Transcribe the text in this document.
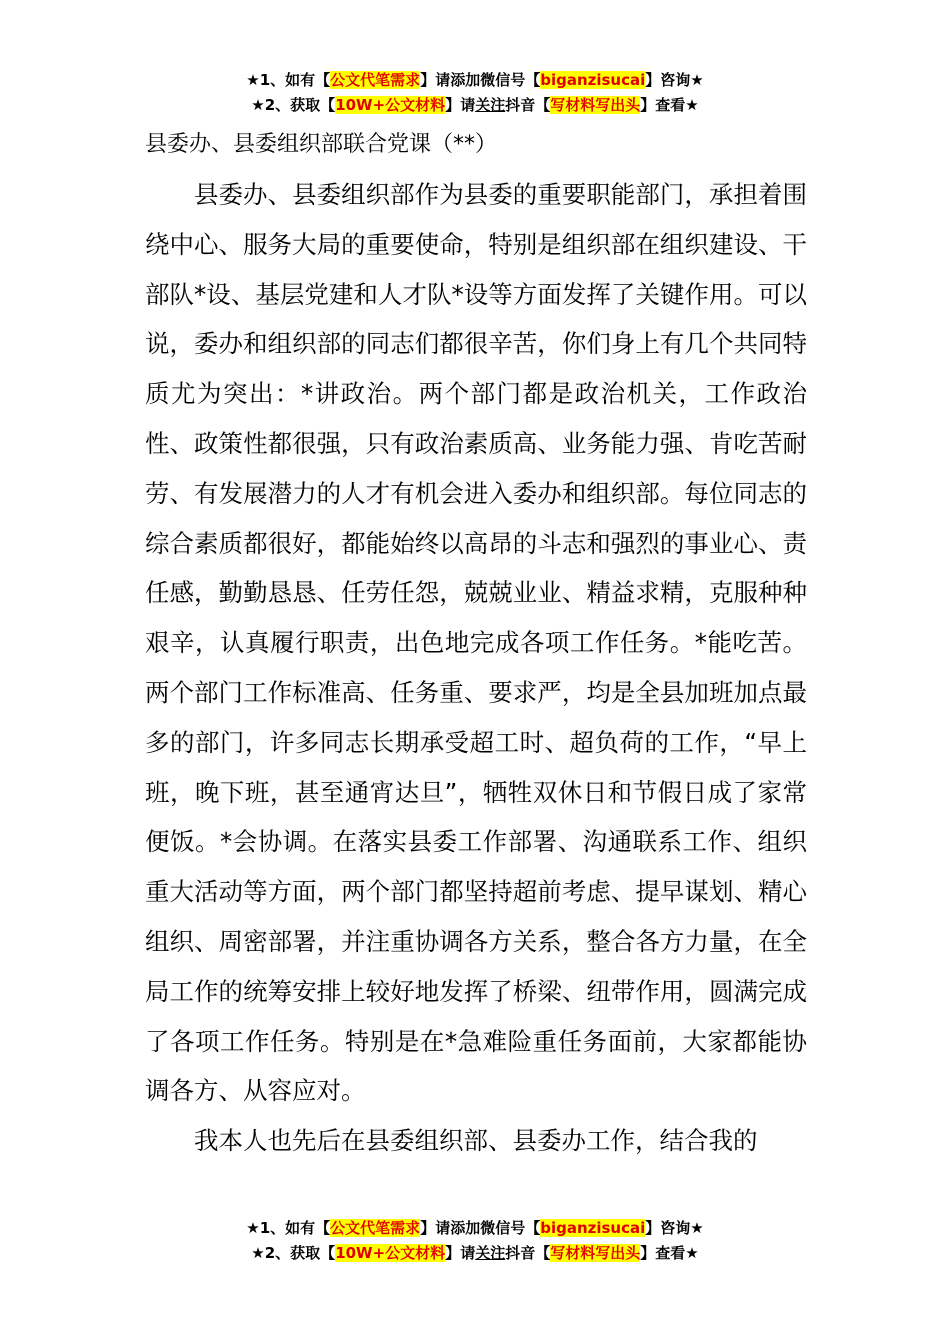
★1、如有【公文代笔需求】请添加微信号【biganzisucai】咨询★
★2、获取【10W+公文材料】请关注抖音【写材料写出头】查看★
县委办、县委组织部联合党课（**）

县委办、县委组织部作为县委的重要职能部门，承担着围绕中心、服务大局的重要使命，特别是组织部在组织建设、干部队*设、基层党建和人才队*设等方面发挥了关键作用。可以说，委办和组织部的同志们都很辛苦，你们身上有几个共同特质尤为突出：*讲政治。两个部门都是政治机关，工作政治性、政策性都很强，只有政治素质高、业务能力强、肯吃苦耐劳、有发展潜力的人才有机会进入委办和组织部。每位同志的综合素质都很好，都能始终以高昂的斗志和强烈的事业心、责任感，勤勤恳恳、任劳任怨，兢兢业业、精益求精，克服种种艰辛，认真履行职责，出色地完成各项工作任务。*能吃苦。两个部门工作标准高、任务重、要求严，均是全县加班加点最多的部门，许多同志长期承受超工时、超负荷的工作，“早上班，晚下班，甚至通宵达旦”，牺牲双休日和节假日成了家常便饭。*会协调。在落实县委工作部署、沟通联系工作、组织重大活动等方面，两个部门都坚持超前考虑、提早谋划、精心组织、周密部署，并注重协调各方关系，整合各方力量，在全局工作的统筹安排上较好地发挥了桥梁、纽带作用，圆满完成了各项工作任务。特别是在*急难险重任务面前，大家都能协调各方、从容应对。

我本人也先后在县委组织部、县委办工作，结合我的

★1、如有【公文代笔需求】请添加微信号【biganzisucai】咨询★
★2、获取【10W+公文材料】请关注抖音【写材料写出头】查看★
